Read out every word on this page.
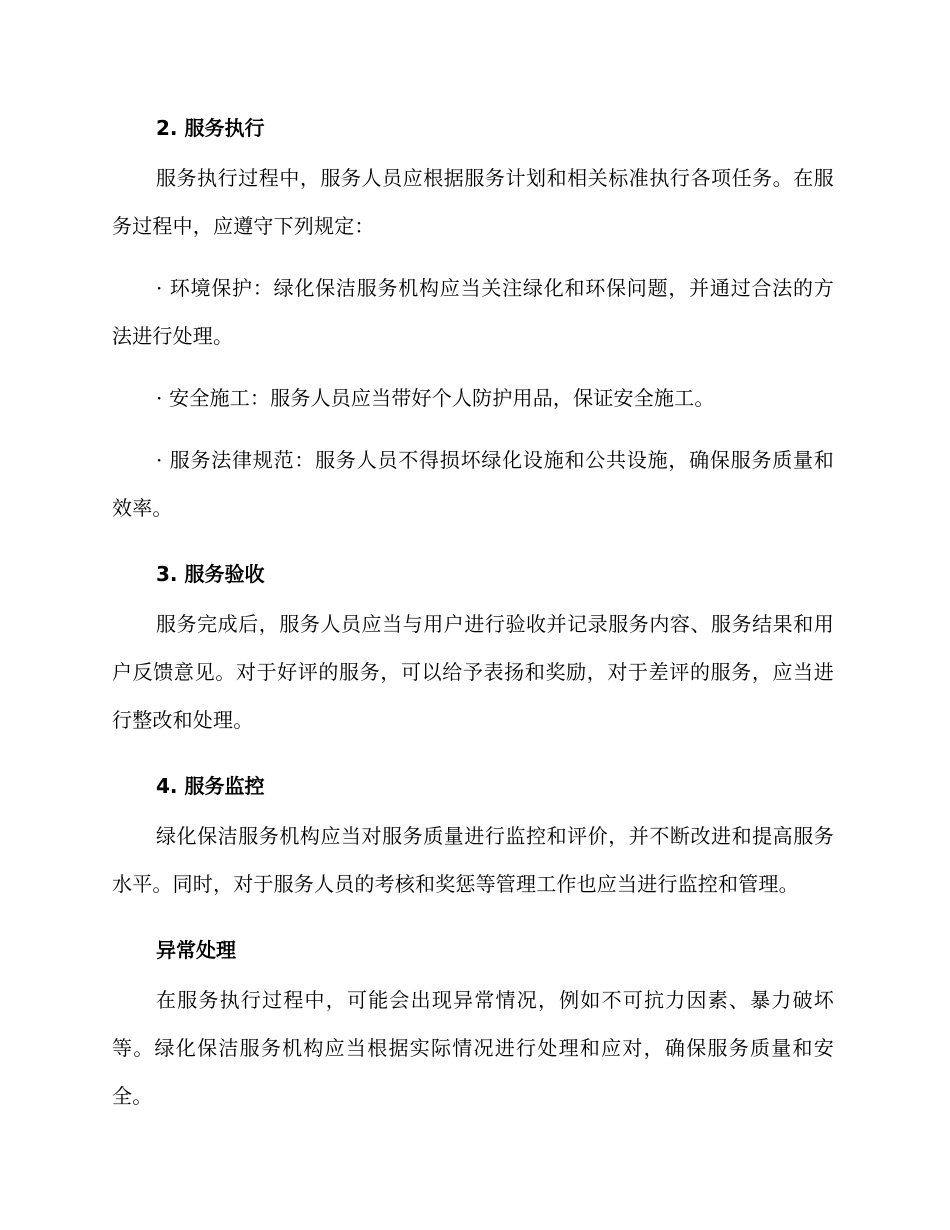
2. 服务执行

服务执行过程中，服务人员应根据服务计划和相关标准执行各项任务。在服务过程中，应遵守下列规定：

· 环境保护：绿化保洁服务机构应当关注绿化和环保问题，并通过合法的方法进行处理。

· 安全施工：服务人员应当带好个人防护用品，保证安全施工。

· 服务法律规范：服务人员不得损坏绿化设施和公共设施，确保服务质量和效率。

3. 服务验收

服务完成后，服务人员应当与用户进行验收并记录服务内容、服务结果和用户反馈意见。对于好评的服务，可以给予表扬和奖励，对于差评的服务，应当进行整改和处理。

4. 服务监控

绿化保洁服务机构应当对服务质量进行监控和评价，并不断改进和提高服务水平。同时，对于服务人员的考核和奖惩等管理工作也应当进行监控和管理。

异常处理

在服务执行过程中，可能会出现异常情况，例如不可抗力因素、暴力破坏等。绿化保洁服务机构应当根据实际情况进行处理和应对，确保服务质量和安全。
